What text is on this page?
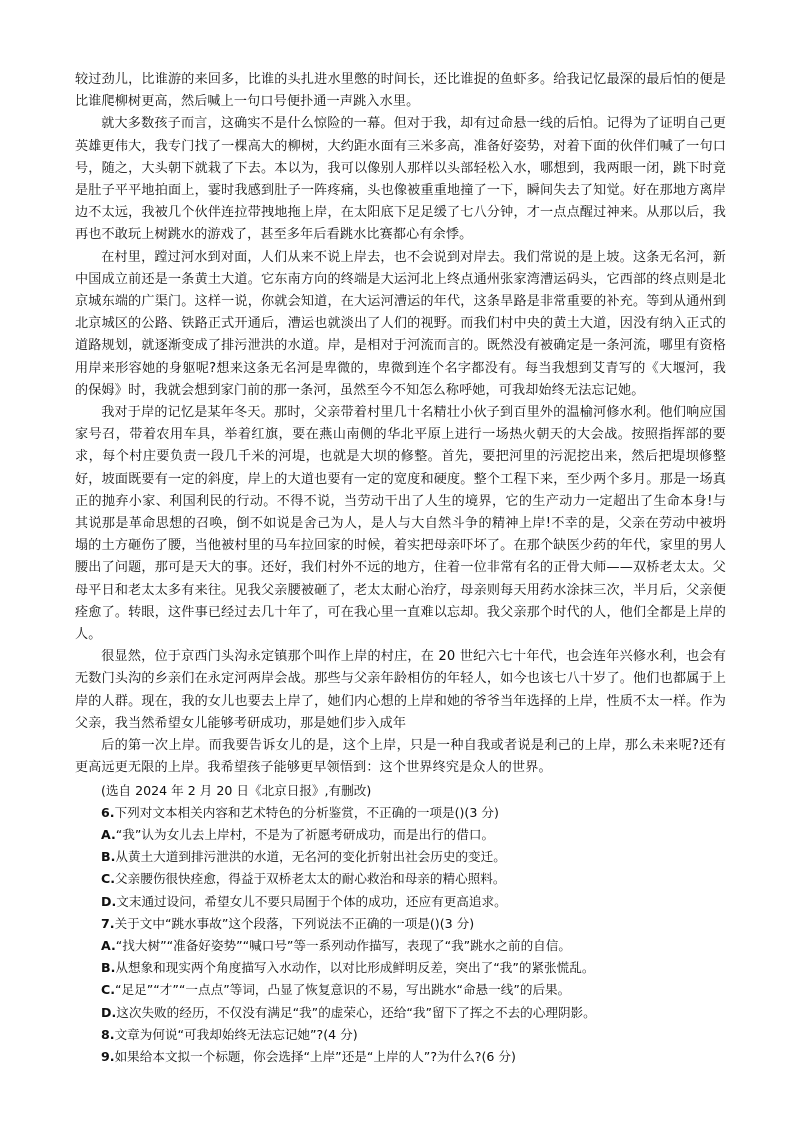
较过劲儿，比谁游的来回多，比谁的头扎进水里憋的时间长，还比谁捉的鱼虾多。给我记忆最深的最后怕的便是比谁爬柳树更高，然后喊上一句口号便扑通一声跳入水里。

就大多数孩子而言，这确实不是什么惊险的一幕。但对于我，却有过命悬一线的后怕。记得为了证明自己更英雄更伟大，我专门找了一棵高大的柳树，大约距水面有三米多高，准备好姿势，对着下面的伙伴们喊了一句口号，随之，大头朝下就栽了下去。本以为，我可以像别人那样以头部轻松入水，哪想到，我两眼一闭，跳下时竟是肚子平平地拍面上，霎时我感到肚子一阵疼痛，头也像被重重地撞了一下，瞬间失去了知觉。好在那地方离岸边不太远，我被几个伙伴连拉带拽地拖上岸，在太阳底下足足缓了七八分钟，才一点点醒过神来。从那以后，我再也不敢玩上树跳水的游戏了，甚至多年后看跳水比赛都心有余悸。

在村里，蹚过河水到对面，人们从来不说上岸去，也不会说到对岸去。我们常说的是上坡。这条无名河，新中国成立前还是一条黄土大道。它东南方向的终端是大运河北上终点通州张家湾漕运码头，它西部的终点则是北京城东端的广渠门。这样一说，你就会知道，在大运河漕运的年代，这条旱路是非常重要的补充。等到从通州到北京城区的公路、铁路正式开通后，漕运也就淡出了人们的视野。而我们村中央的黄土大道，因没有纳入正式的道路规划，就逐渐变成了排污泄洪的水道。岸，是相对于河流而言的。既然没有被确定是一条河流，哪里有资格用岸来形容她的身躯呢?想来这条无名河是卑微的，卑微到连个名字都没有。每当我想到艾青写的《大堰河，我的保姆》时，我就会想到家门前的那一条河，虽然至今不知怎么称呼她，可我却始终无法忘记她。

我对于岸的记忆是某年冬天。那时，父亲带着村里几十名精壮小伙子到百里外的温榆河修水利。他们响应国家号召，带着农用车具，举着红旗，要在燕山南侧的华北平原上进行一场热火朝天的大会战。按照指挥部的要求，每个村庄要负责一段几千米的河堤，也就是大坝的修整。首先，要把河里的污泥挖出来，然后把堤坝修整好，坡面既要有一定的斜度，岸上的大道也要有一定的宽度和硬度。整个工程下来，至少两个多月。那是一场真正的抛弃小家、利国利民的行动。不得不说，当劳动干出了人生的境界，它的生产动力一定超出了生命本身!与其说那是革命思想的召唤，倒不如说是舍己为人，是人与大自然斗争的精神上岸!不幸的是，父亲在劳动中被坍塌的土方砸伤了腰，当他被村里的马车拉回家的时候，着实把母亲吓坏了。在那个缺医少药的年代，家里的男人腰出了问题，那可是天大的事。还好，我们村外不远的地方，住着一位非常有名的正骨大师——双桥老太太。父母平日和老太太多有来往。见我父亲腰被砸了，老太太耐心治疗，母亲则每天用药水涂抹三次，半月后，父亲便痊愈了。转眼，这件事已经过去几十年了，可在我心里一直难以忘却。我父亲那个时代的人，他们全都是上岸的人。

很显然，位于京西门头沟永定镇那个叫作上岸的村庄，在 20 世纪六七十年代，也会连年兴修水利，也会有无数门头沟的乡亲们在永定河两岸会战。那些与父亲年龄相仿的年轻人，如今也该七八十岁了。他们也都属于上岸的人群。现在，我的女儿也要去上岸了，她们内心想的上岸和她的爷爷当年选择的上岸，性质不太一样。作为父亲，我当然希望女儿能够考研成功，那是她们步入成年

后的第一次上岸。而我要告诉女儿的是，这个上岸，只是一种自我或者说是利己的上岸，那么未来呢?还有更高远更无限的上岸。我希望孩子能够更早领悟到：这个世界终究是众人的世界。

(选自 2024 年 2 月 20 日《北京日报》,有删改)

6.下列对文本相关内容和艺术特色的分析鉴赏，不正确的一项是()(3 分)

A.“我”认为女儿去上岸村，不是为了祈愿考研成功，而是出行的借口。

B.从黄土大道到排污泄洪的水道，无名河的变化折射出社会历史的变迁。

C.父亲腰伤很快痊愈，得益于双桥老太太的耐心救治和母亲的精心照料。

D.文末通过设问，希望女儿不要只局囿于个体的成功，还应有更高追求。

7.关于文中“跳水事故”这个段落，下列说法不正确的一项是()(3 分)

A.“找大树”“准备好姿势”“喊口号”等一系列动作描写，表现了“我”跳水之前的自信。

B.从想象和现实两个角度描写入水动作，以对比形成鲜明反差，突出了“我”的紧张慌乱。

C.“足足”“才”“一点点”等词，凸显了恢复意识的不易，写出跳水“命悬一线”的后果。

D.这次失败的经历，不仅没有满足“我”的虚荣心，还给“我”留下了挥之不去的心理阴影。

8.文章为何说“可我却始终无法忘记她”?(4 分)

9.如果给本文拟一个标题，你会选择“上岸”还是“上岸的人”?为什么?(6 分)
